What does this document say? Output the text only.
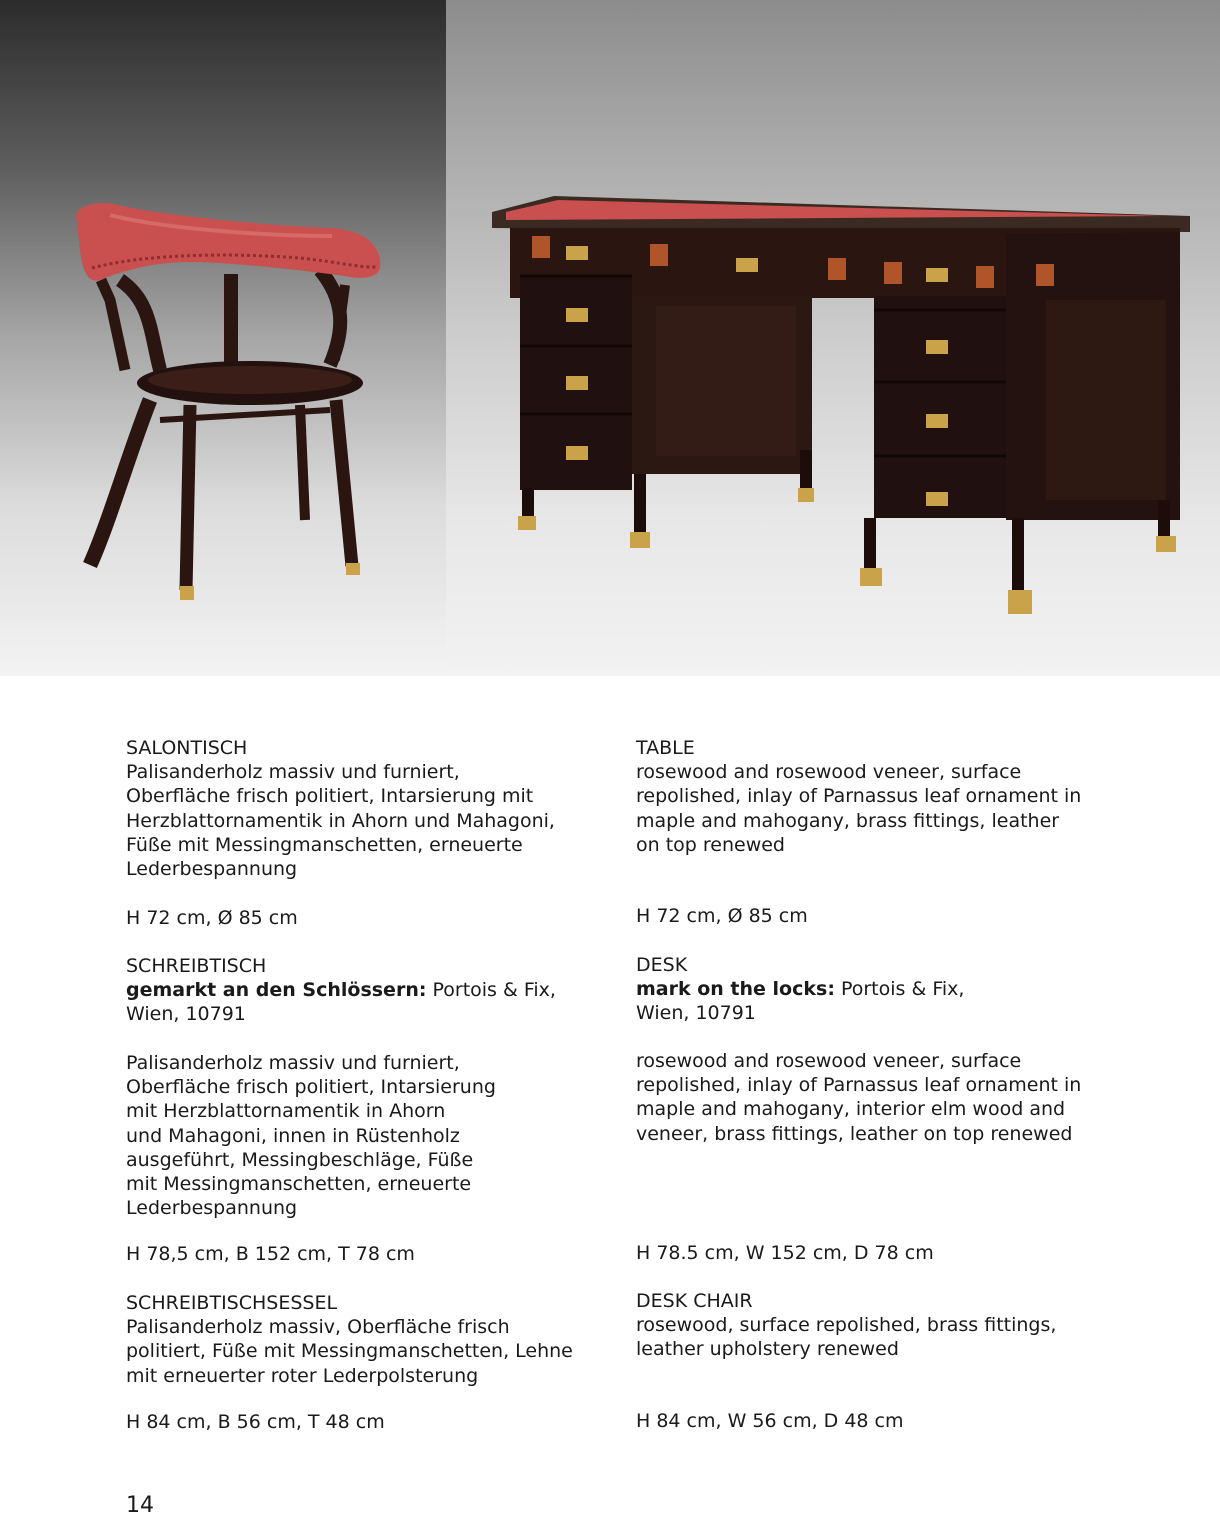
SALONTISCH
Palisanderholz massiv und furniert,
Oberfläche frisch politiert, Intarsierung mit
Herzblattornamentik in Ahorn und Mahagoni,
Füße mit Messingmanschetten, erneuerte
Lederbespannung
H 72 cm, Ø 85 cm
SCHREIBTISCH
gemarkt an den Schlössern: Portois & Fix,
Wien, 10791
Palisanderholz massiv und furniert,
Oberfläche frisch politiert, Intarsierung
mit Herzblattornamentik in Ahorn
und Mahagoni, innen in Rüstenholz
ausgeführt, Messingbeschläge, Füße
mit Messingmanschetten, erneuerte
Lederbespannung
H 78,5 cm, B 152 cm, T 78 cm
SCHREIBTISCHSESSEL
Palisanderholz massiv, Oberfläche frisch
politiert, Füße mit Messingmanschetten, Lehne
mit erneuerter roter Lederpolsterung
H 84 cm, B 56 cm, T 48 cm
TABLE
rosewood and rosewood veneer, surface
repolished, inlay of Parnassus leaf ornament in
maple and mahogany, brass fittings, leather
on top renewed
H 72 cm, Ø 85 cm
DESK
mark on the locks: Portois & Fix,
Wien, 10791
rosewood and rosewood veneer, surface
repolished, inlay of Parnassus leaf ornament in
maple and mahogany, interior elm wood and
veneer, brass fittings, leather on top renewed
H 78.5 cm, W 152 cm, D 78 cm
DESK CHAIR
rosewood, surface repolished, brass fittings,
leather upholstery renewed
H 84 cm, W 56 cm, D 48 cm
14
